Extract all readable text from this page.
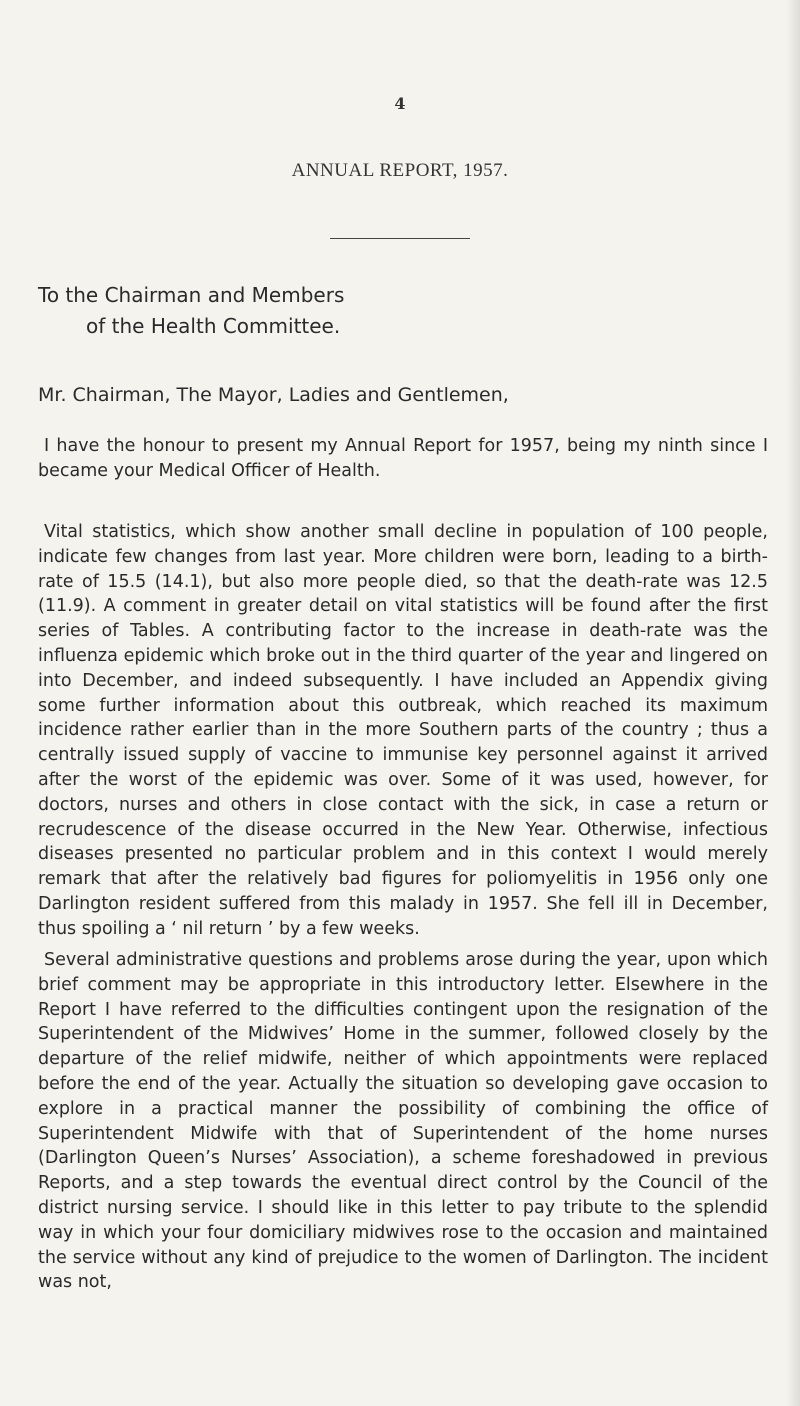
4
ANNUAL REPORT, 1957.
To the Chairman and Members
of the Health Committee.
Mr. Chairman, The Mayor, Ladies and Gentlemen,

I have the honour to present my Annual Report for 1957, being my ninth since I became your Medical Officer of Health.

Vital statistics, which show another small decline in population of 100 people, indicate few changes from last year. More children were born, leading to a birth-rate of 15.5 (14.1), but also more people died, so that the death-rate was 12.5 (11.9). A comment in greater detail on vital statistics will be found after the first series of Tables. A contributing factor to the increase in death-rate was the influenza epidemic which broke out in the third quarter of the year and lingered on into December, and indeed subsequently. I have included an Appendix giving some further information about this outbreak, which reached its maximum incidence rather earlier than in the more Southern parts of the country ; thus a centrally issued supply of vaccine to immunise key personnel against it arrived after the worst of the epidemic was over. Some of it was used, however, for doctors, nurses and others in close contact with the sick, in case a return or recrudescence of the disease occurred in the New Year. Otherwise, infectious diseases presented no particular problem and in this context I would merely remark that after the relatively bad figures for poliomyelitis in 1956 only one Darlington resident suffered from this malady in 1957. She fell ill in December, thus spoiling a ‘ nil return ’ by a few weeks.

Several administrative questions and problems arose during the year, upon which brief comment may be appropriate in this introductory letter. Elsewhere in the Report I have referred to the difficulties contingent upon the resignation of the Superintendent of the Midwives’ Home in the summer, followed closely by the departure of the relief midwife, neither of which appointments were replaced before the end of the year. Actually the situation so developing gave occasion to explore in a practical manner the possibility of combining the office of Superintendent Midwife with that of Superintendent of the home nurses (Darlington Queen’s Nurses’ Association), a scheme foreshadowed in previous Reports, and a step towards the eventual direct control by the Council of the district nursing service. I should like in this letter to pay tribute to the splendid way in which your four domiciliary midwives rose to the occasion and maintained the service without any kind of prejudice to the women of Darlington. The incident was not,
